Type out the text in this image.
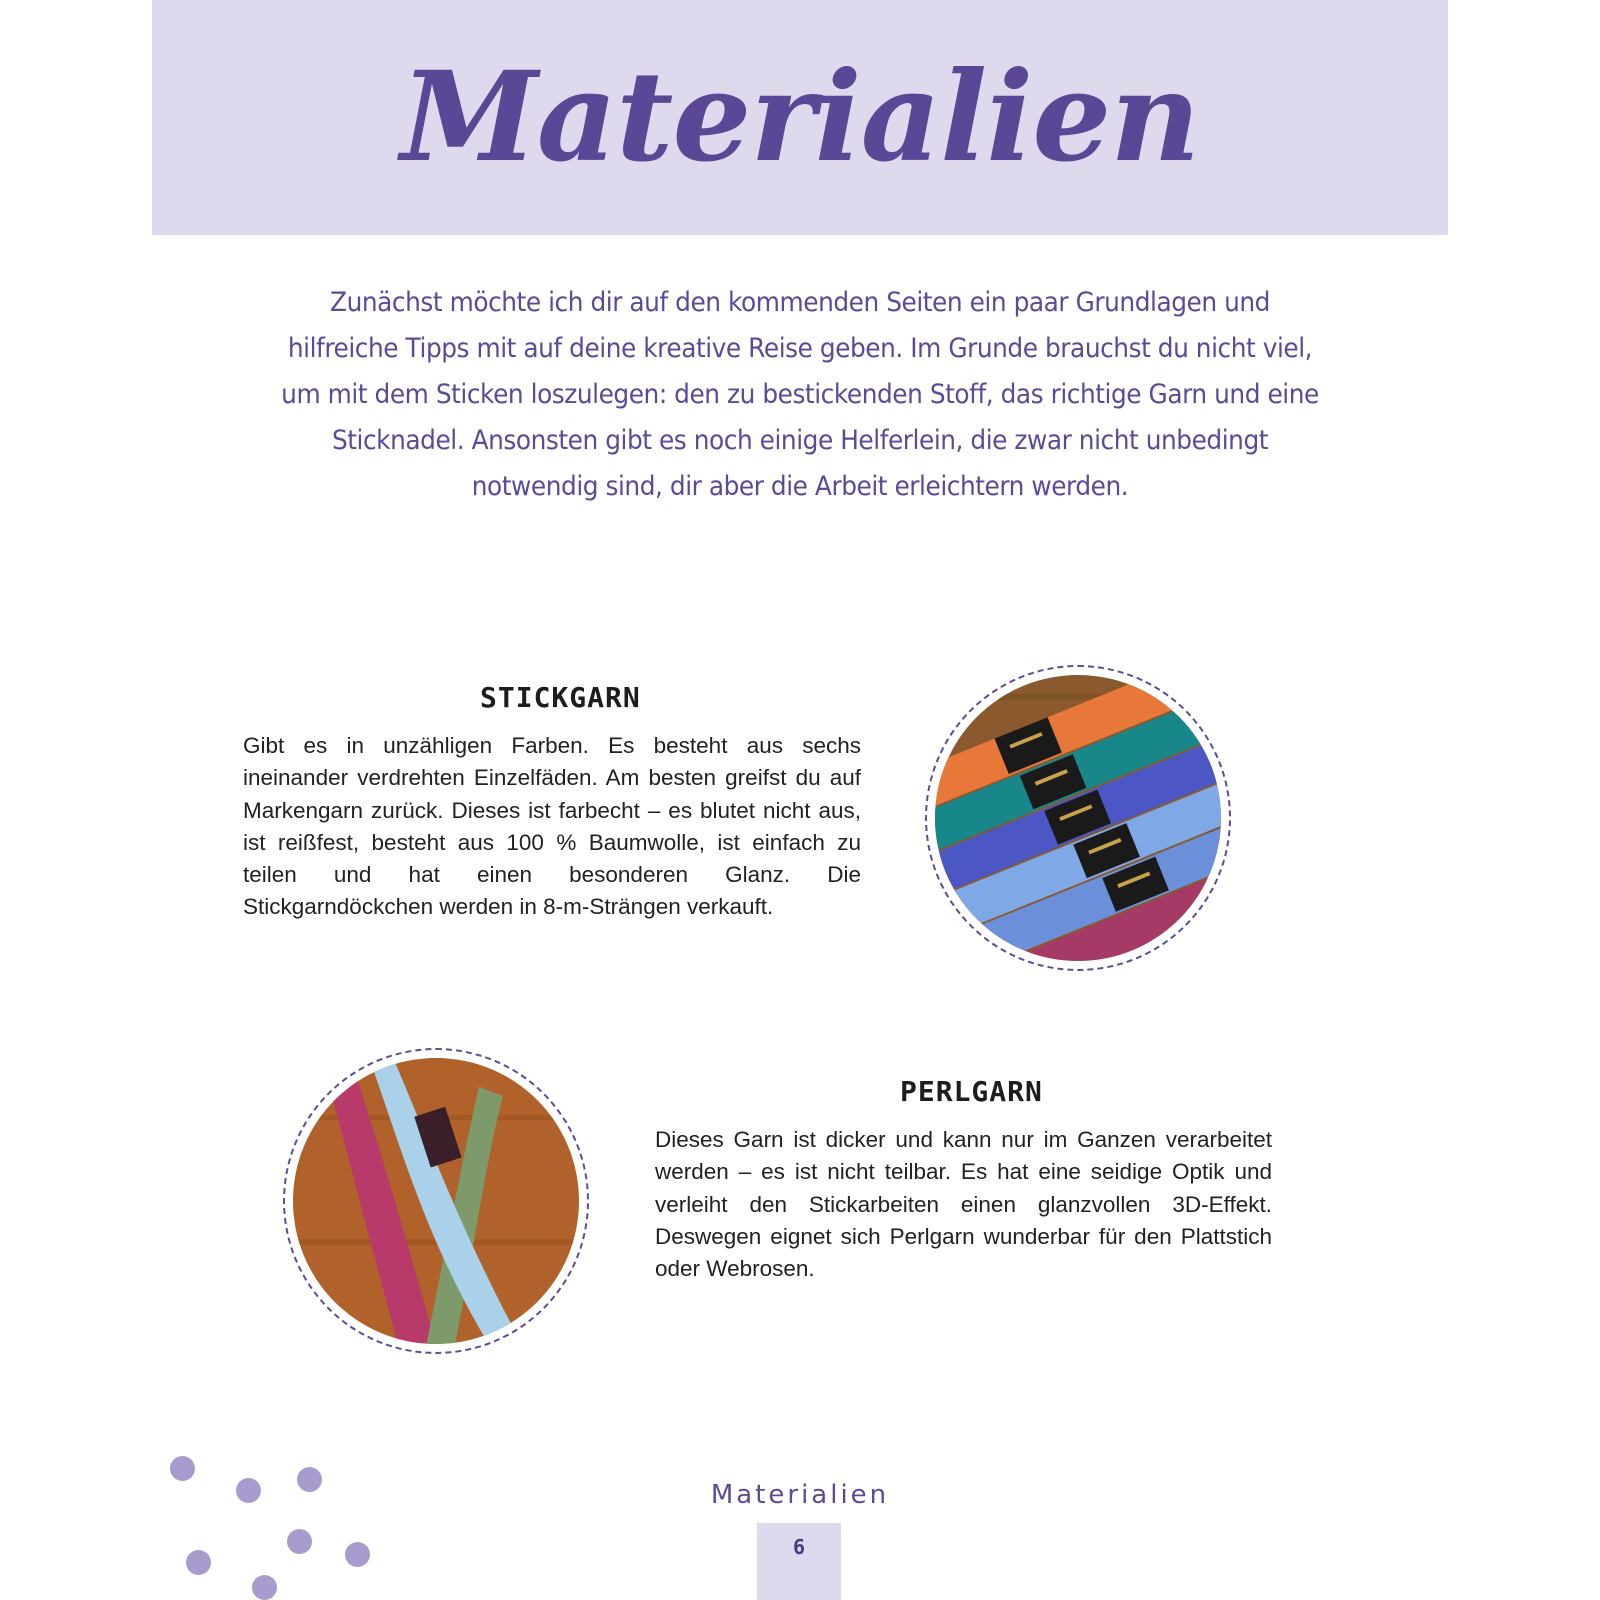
Materialien

Zunächst möchte ich dir auf den kommenden Seiten ein paar Grundlagen und hilfreiche Tipps mit auf deine kreative Reise geben. Im Grunde brauchst du nicht viel, um mit dem Sticken loszulegen: den zu bestickenden Stoff, das richtige Garn und eine Sticknadel. Ansonsten gibt es noch einige Helferlein, die zwar nicht unbedingt notwendig sind, dir aber die Arbeit erleichtern werden.

STICKGARN

Gibt es in unzähligen Farben. Es besteht aus sechs ineinander verdrehten Einzelfäden. Am besten greifst du auf Markengarn zurück. Dieses ist farbecht – es blutet nicht aus, ist reißfest, besteht aus 100 % Baumwolle, ist einfach zu teilen und hat einen besonderen Glanz. Die Stickgarndöckchen werden in 8-m-Strängen verkauft.

PERLGARN

Dieses Garn ist dicker und kann nur im Ganzen verarbeitet werden – es ist nicht teilbar. Es hat eine seidige Optik und verleiht den Stickarbeiten einen glanzvollen 3D-Effekt. Deswegen eignet sich Perlgarn wunderbar für den Plattstich oder Webrosen.

Materialien
6
